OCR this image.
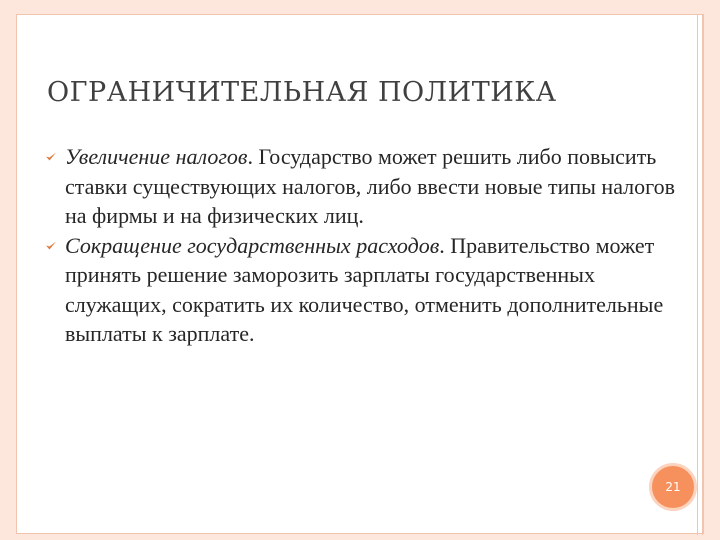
ОГРАНИЧИТЕЛЬНАЯ ПОЛИТИКА
Увеличение налогов. Государство может решить либо повысить ставки существующих налогов, либо ввести новые типы налогов на фирмы и на физических лиц.
Сокращение государственных расходов. Правительство может принять решение заморозить зарплаты государственных служащих, сократить их количество, отменить дополнительные выплаты к зарплате.
21
